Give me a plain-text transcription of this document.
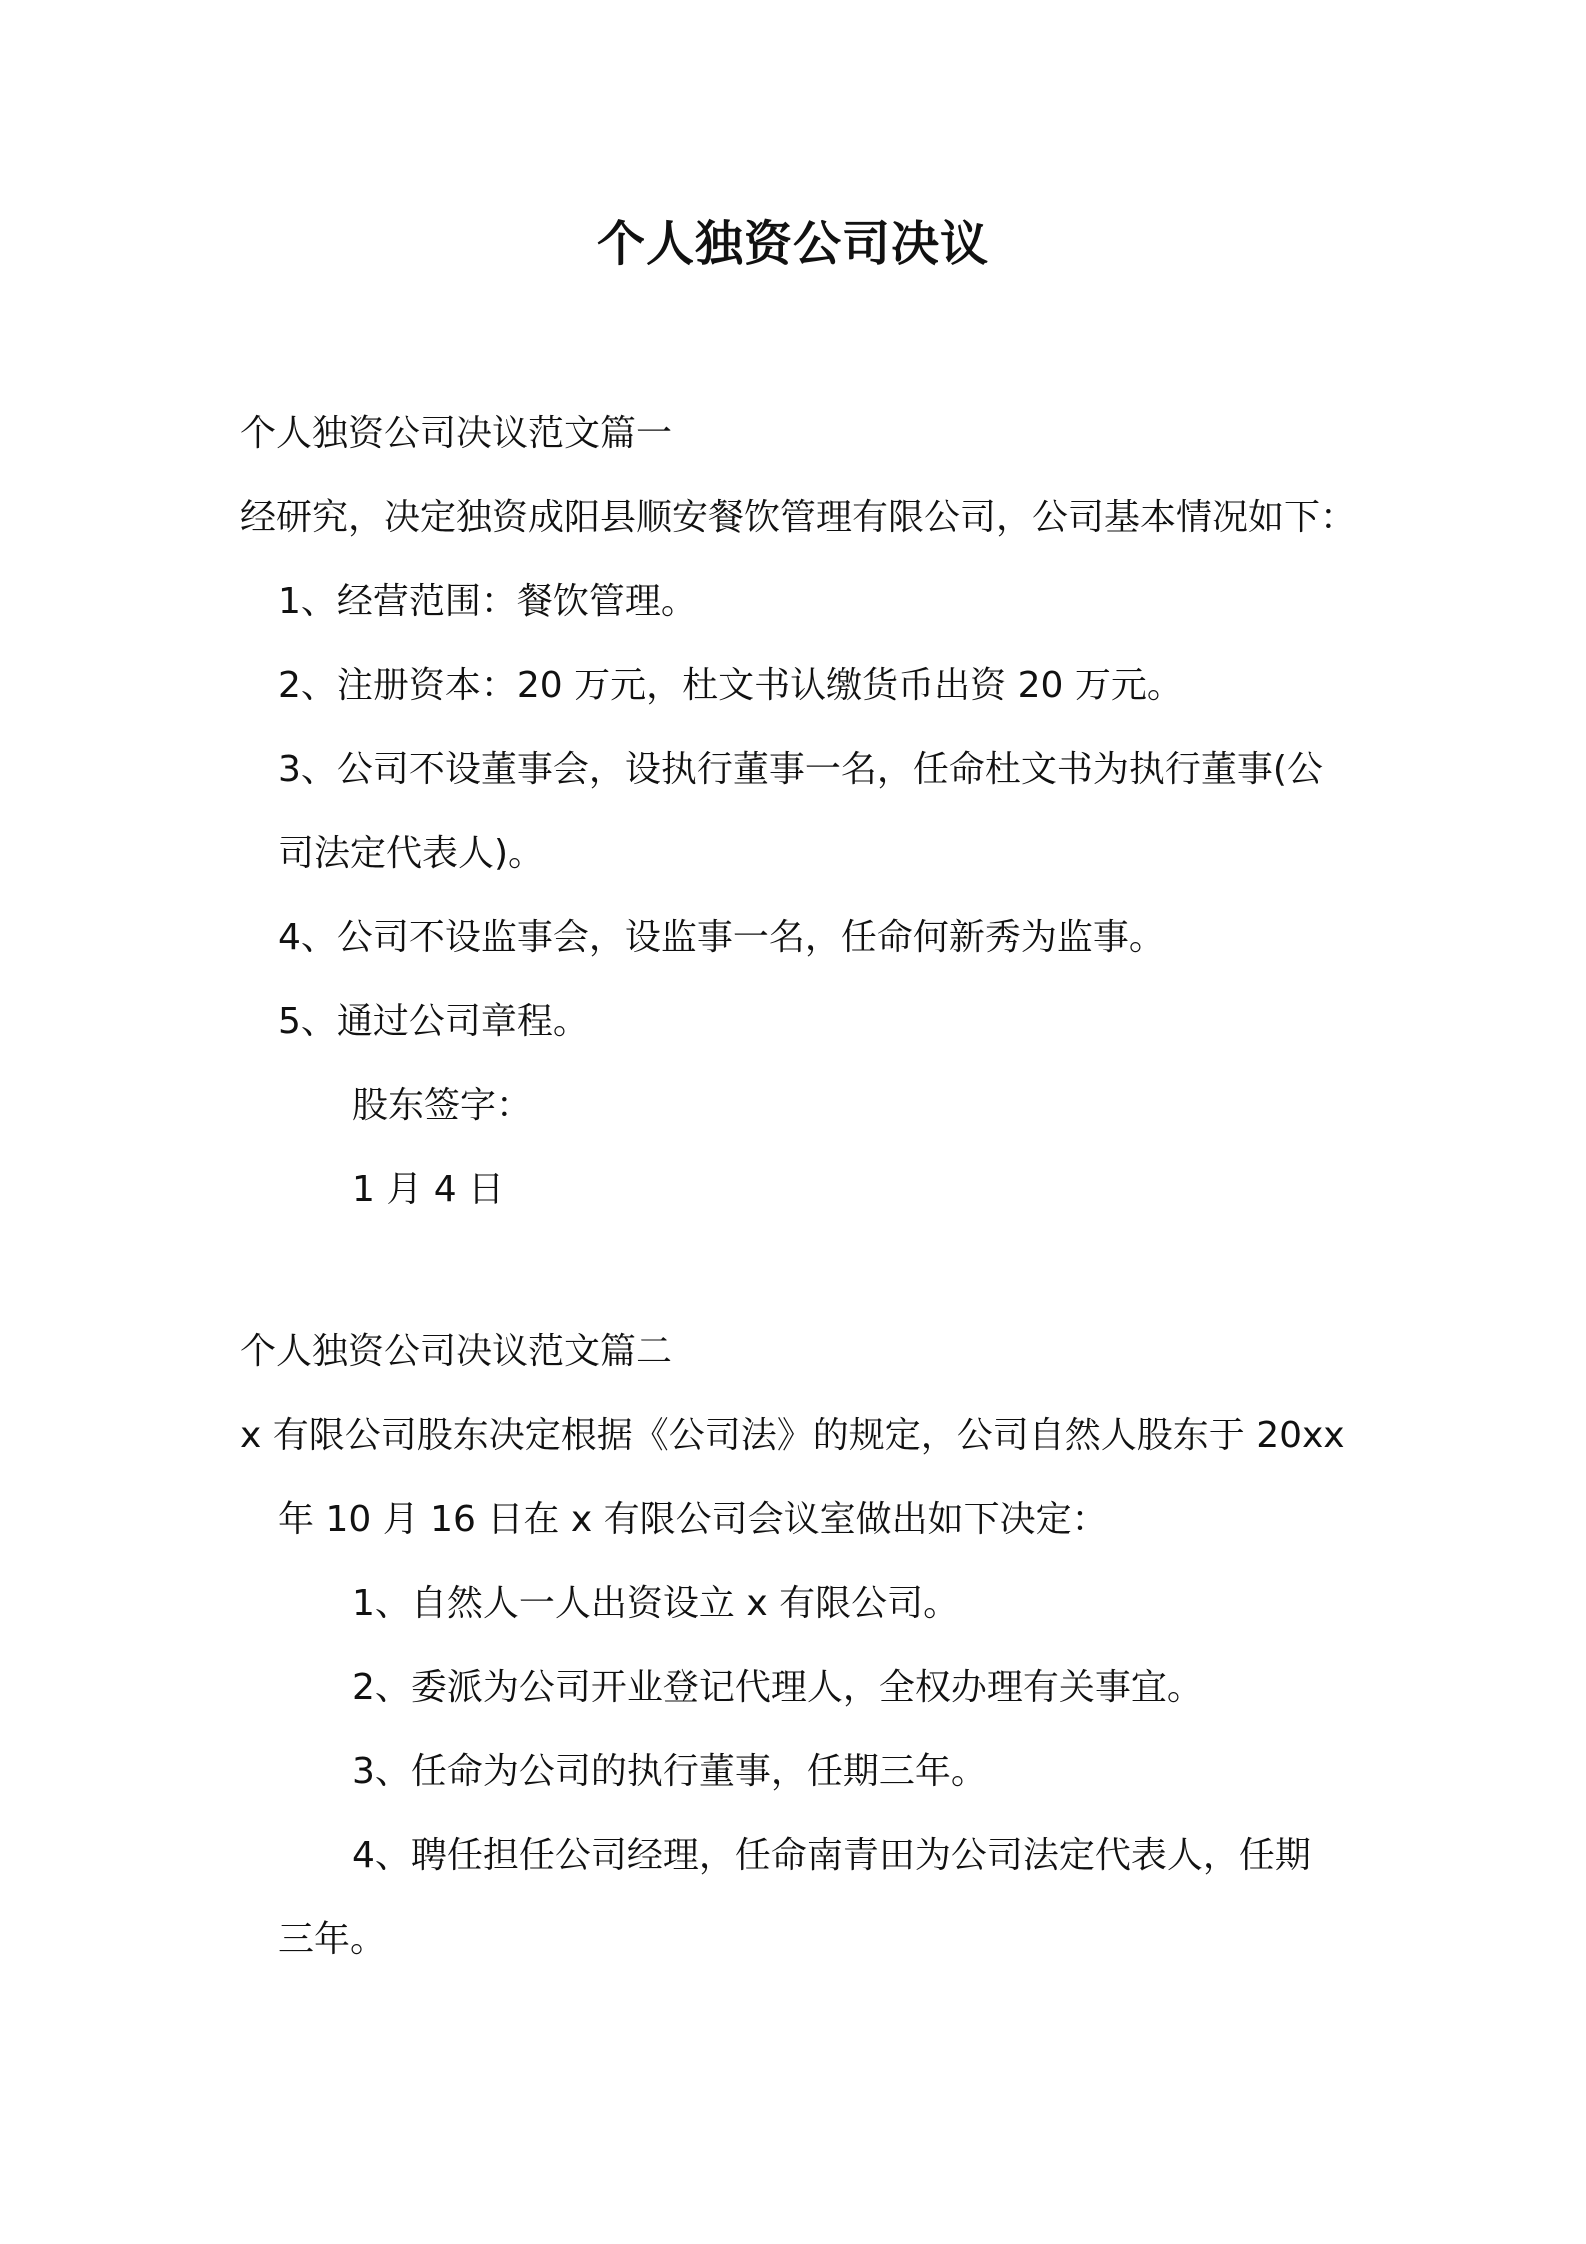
个人独资公司决议

个人独资公司决议范文篇一

经研究，决定独资成阳县顺安餐饮管理有限公司，公司基本情况如下：

1、经营范围：餐饮管理。

2、注册资本：20 万元，杜文书认缴货币出资 20 万元。

3、公司不设董事会，设执行董事一名，任命杜文书为执行董事(公

司法定代表人)。

4、公司不设监事会，设监事一名，任命何新秀为监事。

5、通过公司章程。

股东签字：

1 月 4 日

个人独资公司决议范文篇二

x 有限公司股东决定根据《公司法》的规定，公司自然人股东于 20xx

年 10 月 16 日在 x 有限公司会议室做出如下决定：

1、自然人一人出资设立 x 有限公司。

2、委派为公司开业登记代理人，全权办理有关事宜。

3、任命为公司的执行董事，任期三年。

4、聘任担任公司经理，任命南青田为公司法定代表人，任期

三年。
